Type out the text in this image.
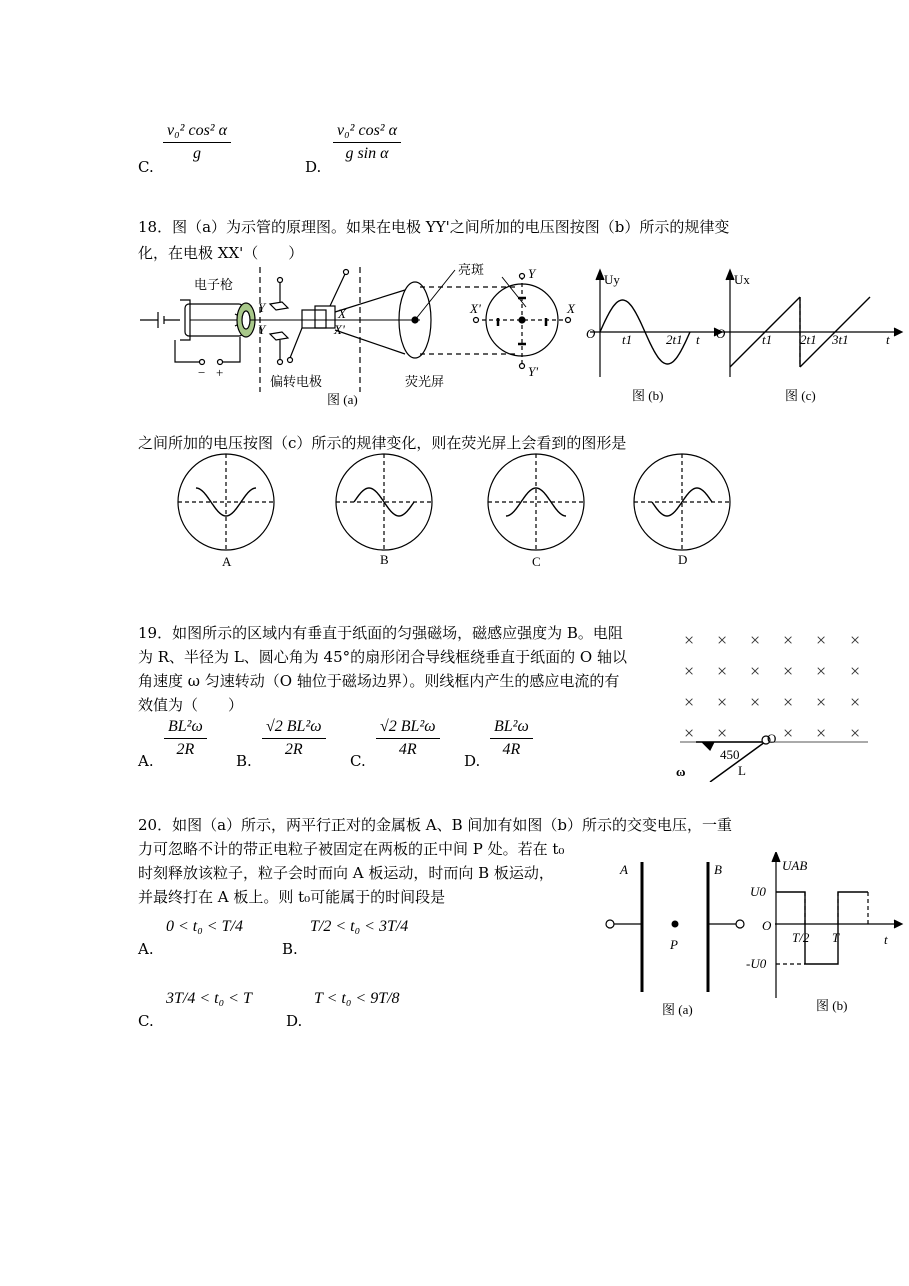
C.
$\frac{\text{v₀² cos² α}}{g}$
D.
$\frac{\text{v₀² cos² α}}{\text{g sin α}}$
18．图（a）为示管的原理图。如果在电极 YY'之间所加的电压图按图（b）所示的规律变
化，在电极 XX'（　　）
电子枪
偏转电极	荧光屏
亮斑
− +
图 (a)
Y
Y
X
X'
Y
Y'
X
X'
Uy
O t1	2t1 t
图 (b)
Ux
O	t1 2t1 3t1	t
图 (c)
之间所加的电压按图（c）所示的规律变化，则在荧光屏上会看到的图形是
A	B	C	D
19．如图所示的区域内有垂直于纸面的匀强磁场，磁感应强度为 B。电阻
为 R、半径为 L、圆心角为 45°的扇形闭合导线框绕垂直于纸面的 O 轴以
角速度 ω 匀速转动（O 轴位于磁场边界）。则线框内产生的感应电流的有
效值为（　　）
A.
$\frac{\text{BL²ω}}{2R}$
B.
$\frac{\text{√2 BL²ω}}{2R}$
C.
$\frac{\text{√2 BL²ω}}{4R}$
D.
$\frac{\text{BL²ω}}{4R}$
× × × × × ×
× × × × × ×
× × × × × ×
× ×	× × ×
450
O
L
ω
20．如图（a）所示，两平行正对的金属板 A、B 间加有如图（b）所示的交变电压，一重
力可忽略不计的带正电粒子被固定在两板的正中间 P 处。若在 t₀
时刻释放该粒子，粒子会时而向 A 板运动，时而向 B 板运动，
并最终打在 A 板上。则 t₀可能属于的时间段是
A.
0 < t₀ < T/4
B.
T/2 < t₀ < 3T/4
C.
3T/4 < t₀ < T
D.
T < t₀ < 9T/8
A	B
P
图 (a)
UAB
U0
-U0
O
T/2 T	t
图 (b)
